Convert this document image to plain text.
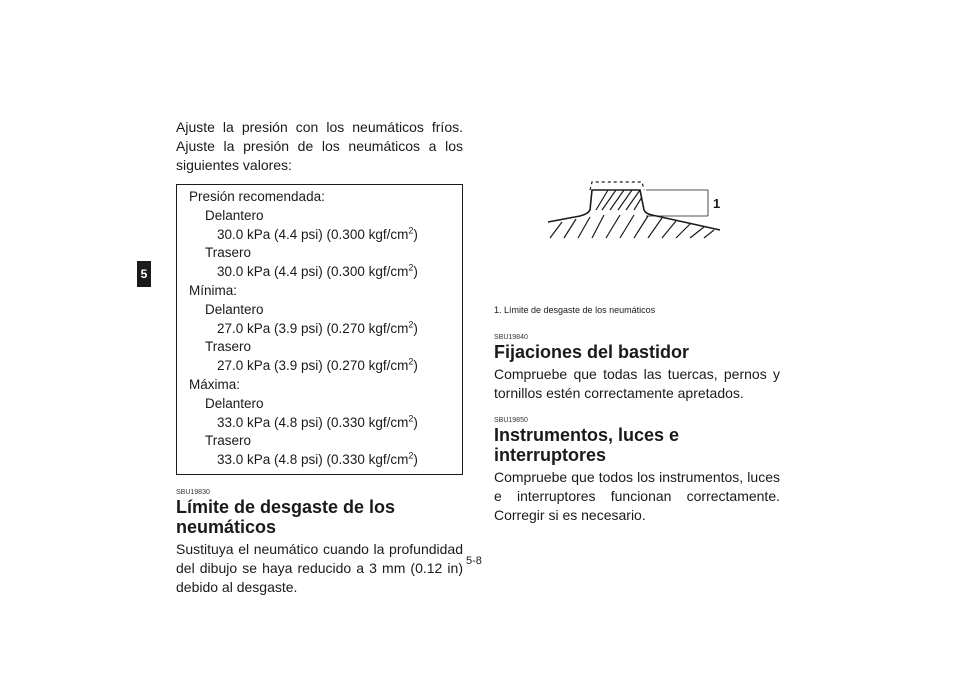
5

Ajuste la presión con los neumáticos fríos. Ajuste la presión de los neumáticos a los siguientes valores:

Presión recomendada:
Delantero
30.0 kPa (4.4 psi) (0.300 kgf/$cm^2$)
Trasero
30.0 kPa (4.4 psi) (0.300 kgf/$cm^2$)
Mínima:
Delantero
27.0 kPa (3.9 psi) (0.270 kgf/$cm^2$)
Trasero
27.0 kPa (3.9 psi) (0.270 kgf/$cm^2$)
Máxima:
Delantero
33.0 kPa (4.8 psi) (0.330 kgf/$cm^2$)
Trasero
33.0 kPa (4.8 psi) (0.330 kgf/$cm^2$)

SBU19830

Límite de desgaste de los neumáticos

Sustituya el neumático cuando la profundidad del dibujo se haya reducido a 3 mm (0.12 in) debido al desgaste.

1
1. Límite de desgaste de los neumáticos

SBU19840

Fijaciones del bastidor

Compruebe que todas las tuercas, pernos y tornillos estén correctamente apretados.

SBU19850

Instrumentos, luces e interruptores

Compruebe que todos los instrumentos, luces e interruptores funcionan correctamente. Corregir si es necesario.

5-8
